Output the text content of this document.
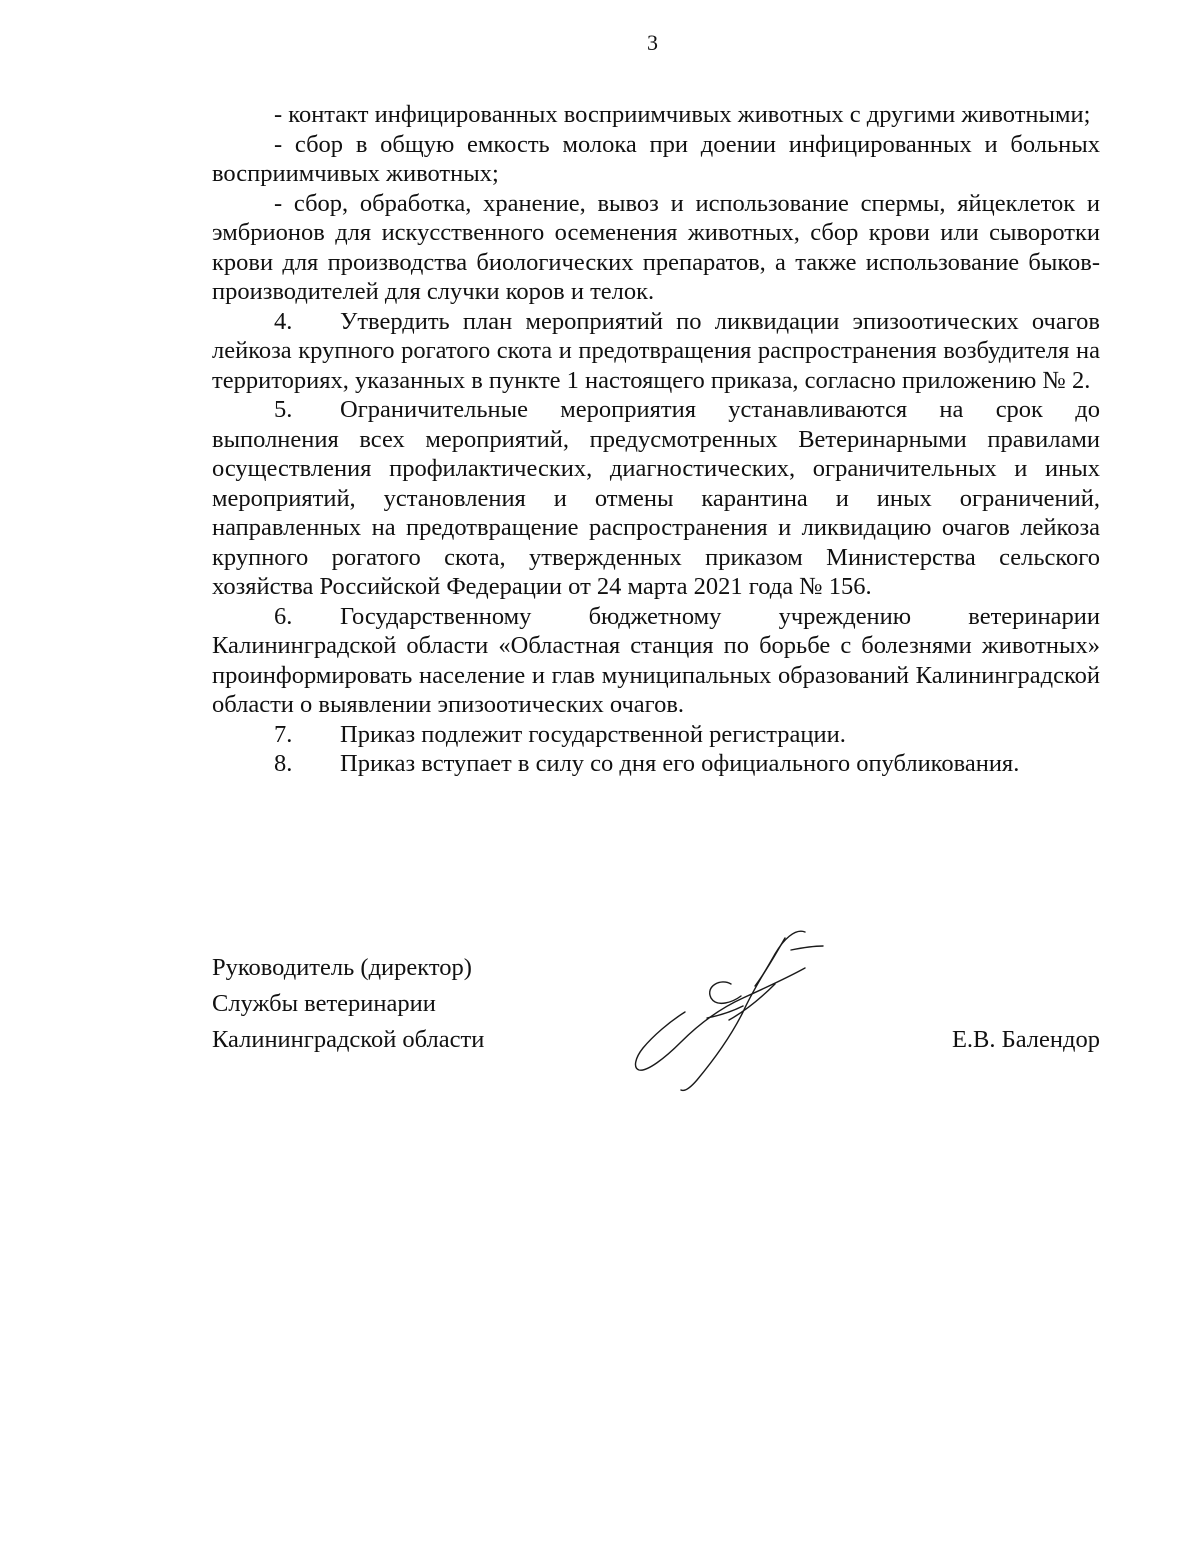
3

- контакт инфицированных восприимчивых животных с другими животными;

- сбор в общую емкость молока при доении инфицированных и больных восприимчивых животных;

- сбор, обработка, хранение, вывоз и использование спермы, яйцеклеток и эмбрионов для искусственного осеменения животных, сбор крови или сыворотки крови для производства биологических препаратов, а также использование быков-производителей для случки коров и телок.

4. Утвердить план мероприятий по ликвидации эпизоотических очагов лейкоза крупного рогатого скота и предотвращения распространения возбудителя на территориях, указанных в пункте 1 настоящего приказа, согласно приложению № 2.

5. Ограничительные мероприятия устанавливаются на срок до выполнения всех мероприятий, предусмотренных Ветеринарными правилами осуществления профилактических, диагностических, ограничительных и иных мероприятий, установления и отмены карантина и иных ограничений, направленных на предотвращение распространения и ликвидацию очагов лейкоза крупного рогатого скота, утвержденных приказом Министерства сельского хозяйства Российской Федерации от 24 марта 2021 года № 156.

6. Государственному бюджетному учреждению ветеринарии Калининградской области «Областная станция по борьбе с болезнями животных» проинформировать население и глав муниципальных образований Калининградской области о выявлении эпизоотических очагов.

7. Приказ подлежит государственной регистрации.

8. Приказ вступает в силу со дня его официального опубликования.

Руководитель (директор)
Службы ветеринарии
Калининградской области	Е.В. Балендор
